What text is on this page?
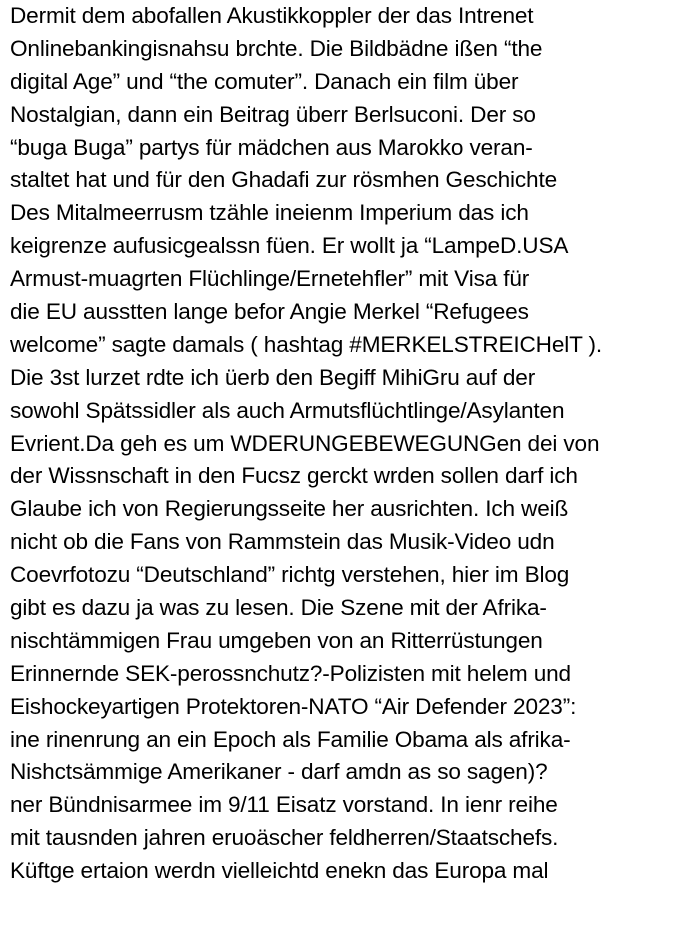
Dermit dem abofallen Akustikkoppler der das Intrenet
Onlinebankingisnahsu brchte. Die Bildbädne ißen “the
digital Age” und “the comuter”. Danach ein film über
Nostalgian, dann ein Beitrag überr Berlsuconi. Der so
“buga Buga” partys für mädchen aus Marokko veran-
staltet hat und für den Ghadafi zur rösmhen Geschichte
Des Mitalmeerrusm tzähle ineienm Imperium das ich
keigrenze aufusicgealssn füen. Er wollt ja “LampeD.USA
Armust-muagrten Flüchlinge/Ernetehfler” mit Visa für
die EU ausstten lange befor Angie Merkel “Refugees
welcome” sagte damals ( hashtag #MERKELSTREICHelT ).
Die 3st lurzet rdte ich üerb den Begiff MihiGru auf der
sowohl Spätssidler als auch Armutsflüchtlinge/Asylanten
Evrient.Da geh es um WDERUNGEBEWEGUNGen dei von
der Wissnschaft in den Fucsz gerckt wrden sollen darf ich
Glaube ich von Regierungsseite her ausrichten. Ich weiß
nicht ob die Fans von Rammstein das Musik-Video udn
Coevrfotozu “Deutschland” richtg verstehen, hier im Blog
gibt es dazu ja was zu lesen. Die Szene mit der Afrika-
nischtämmigen Frau umgeben von an Ritterrüstungen
Erinnernde SEK-perossnchutz?-Polizisten mit helem und
Eishockeyartigen Protektoren-NATO “Air Defender 2023”:
ine rinenrung an ein Epoch als Familie Obama als afrika-
Nishctsämmige Amerikaner - darf amdn as so sagen)?
ner Bündnisarmee im 9/11 Eisatz vorstand. In ienr reihe
mit tausnden jahren eruoäscher feldherren/Staatschefs.
Küftge ertaion werdn vielleichtd enekn das Europa mal
